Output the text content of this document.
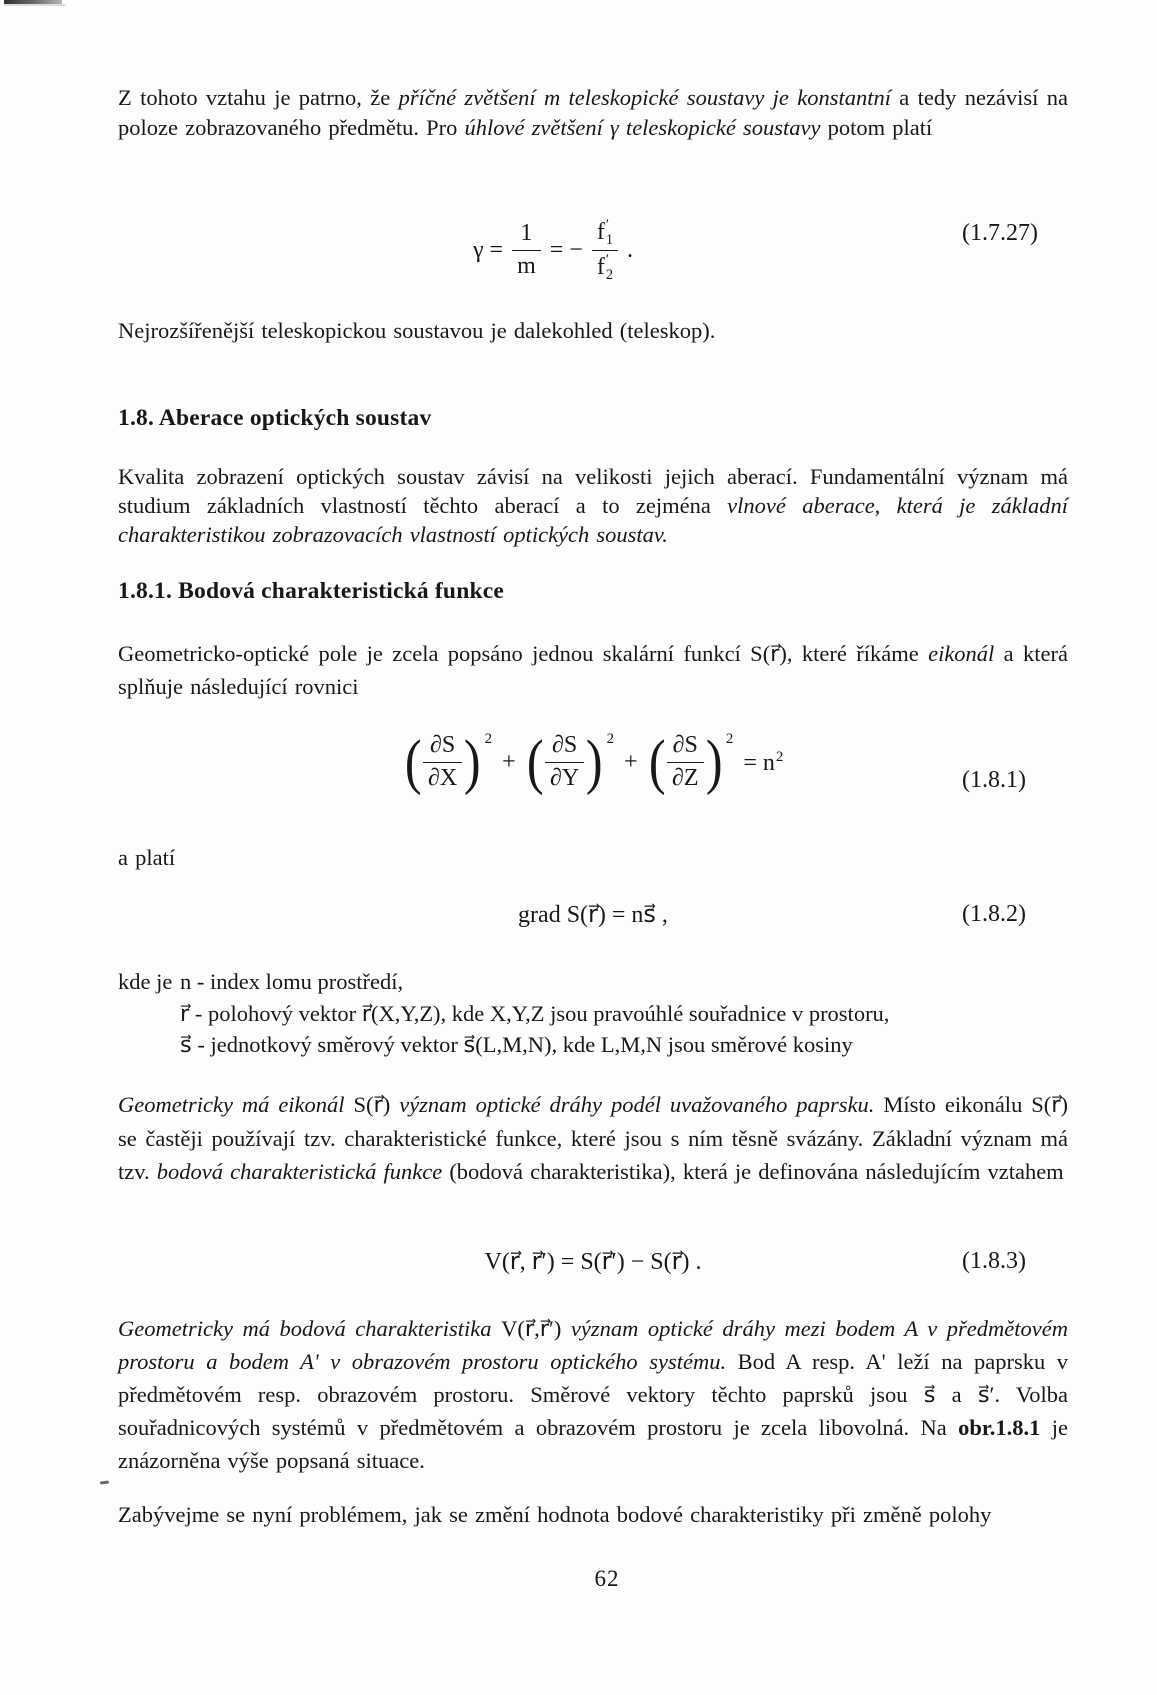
Z tohoto vztahu je patrno, že příčné zvětšení m teleskopické soustavy je konstantní a tedy nezávisí na poloze zobrazovaného předmětu. Pro úhlové zvětšení γ teleskopické soustavy potom platí
$\gamma = \frac{1}{m}$ = − f ′
1
f ′
2 .
(1.7.27)
Nejrozšířenější teleskopickou soustavou je dalekohled (teleskop).
1.8. Aberace optických soustav
Kvalita zobrazení optických soustav závisí na velikosti jejich aberací. Fundamentální význam má studium základních vlastností těchto aberací a to zejména vlnové aberace, která je základní charakteristikou zobrazovacích vlastností optických soustav.
1.8.1. Bodová charakteristická funkce
Geometricko-optické pole je zcela popsáno jednou skalární funkcí S(r⃗), které říkáme eikonál a která splňuje následující rovnici
( $\frac{\partial S}{\partial X}$ ) 2
+ ( $\frac{\partial S}{\partial Y}$ ) 2
+ ( $\frac{\partial S}{\partial Z}$ ) 2
= $n^2$
(1.8.1)
a platí
grad S(r⃗) = ns⃗ ,	(1.8.2)
kde je n - index lomu prostředí,
r⃗ - polohový vektor r⃗(X,Y,Z), kde X,Y,Z jsou pravoúhlé souřadnice v prostoru,
s⃗ - jednotkový směrový vektor s⃗(L,M,N), kde L,M,N jsou směrové kosiny
Geometricky má eikonál S(r⃗) význam optické dráhy podél uvažovaného paprsku. Místo eikonálu S(r⃗) se častěji používají tzv. charakteristické funkce, které jsou s ním těsně svázány. Základní význam má tzv. bodová charakteristická funkce (bodová charakteristika), která je definována následujícím vztahem
V(r⃗, r⃗′) = S(r⃗′) − S(r⃗) .	(1.8.3)
Geometricky má bodová charakteristika V(r⃗,r⃗′) význam optické dráhy mezi bodem A v předmětovém prostoru a bodem A' v obrazovém prostoru optického systému. Bod A resp. A' leží na paprsku v předmětovém resp. obrazovém prostoru. Směrové vektory těchto paprsků jsou s⃗ a s⃗′. Volba souřadnicových systémů v předmětovém a obrazovém prostoru je zcela libovolná. Na obr.1.8.1 je znázorněna výše popsaná situace.
Zabývejme se nyní problémem, jak se změní hodnota bodové charakteristiky při změně polohy
62
